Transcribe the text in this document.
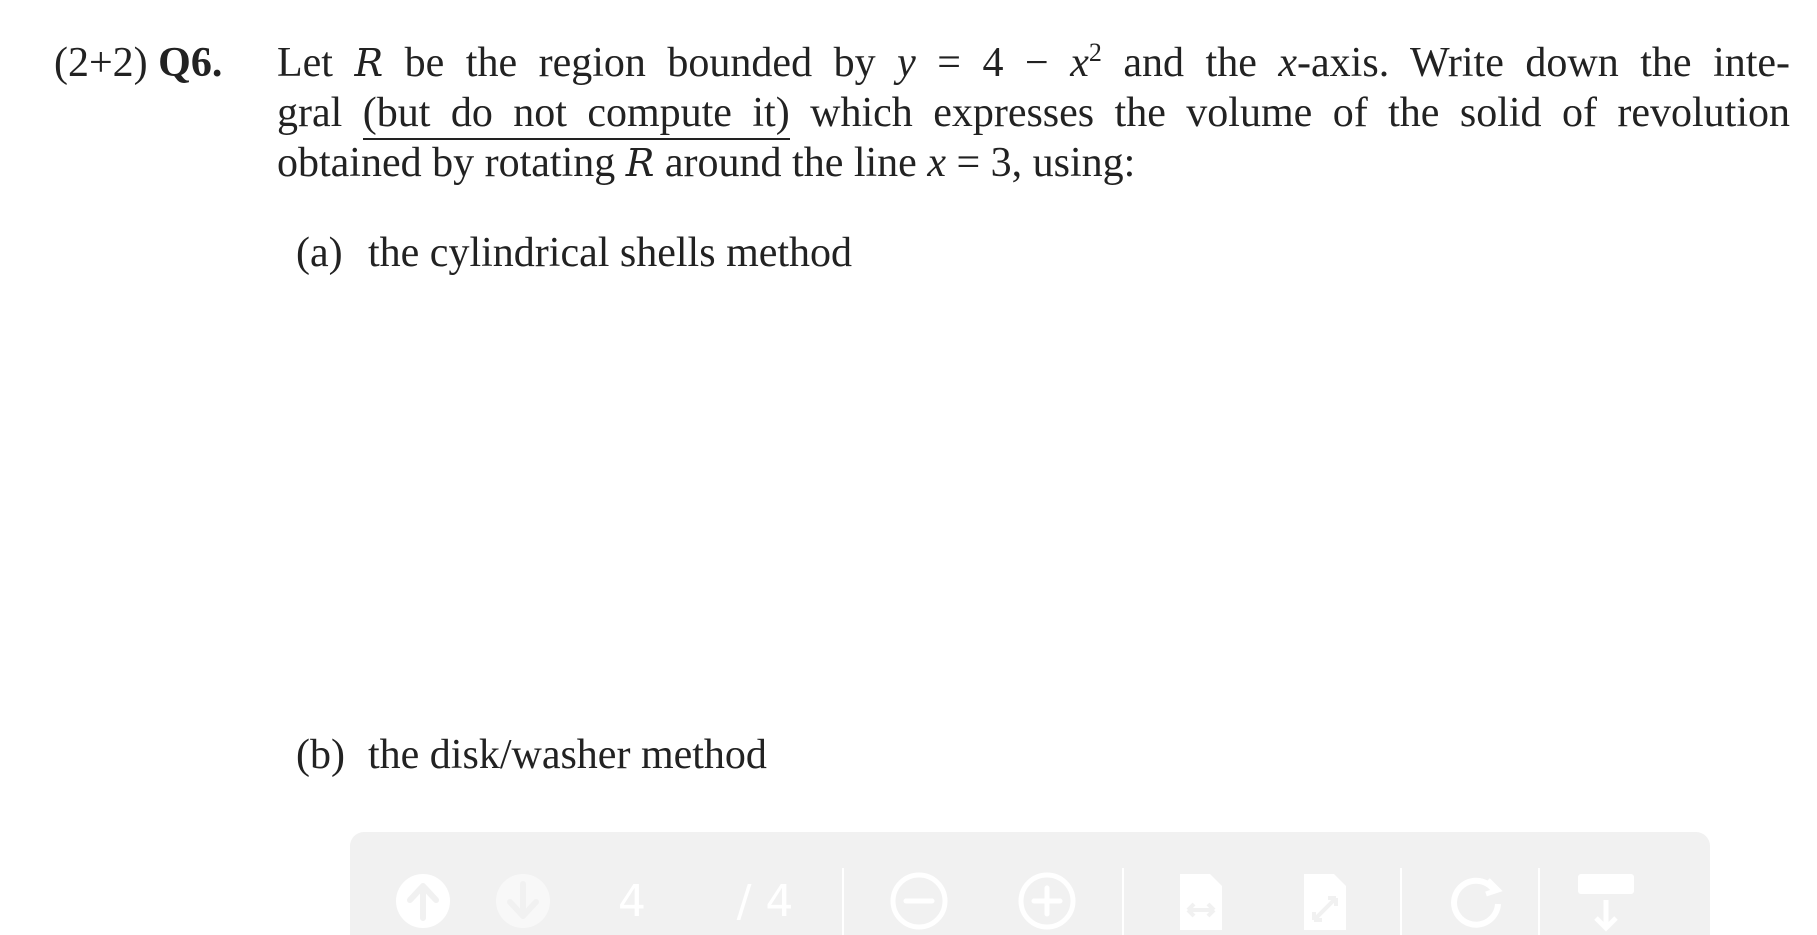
(2+2) Q6. Let R be the region bounded by $y = 4 - x^2$ and the x-axis. Write down the inte-
gral (but do not compute it) which expresses the volume of the solid of revolution
obtained by rotating R around the line x = 3, using:
(a) the cylindrical shells method
(b) the disk/washer method
4 / 4
